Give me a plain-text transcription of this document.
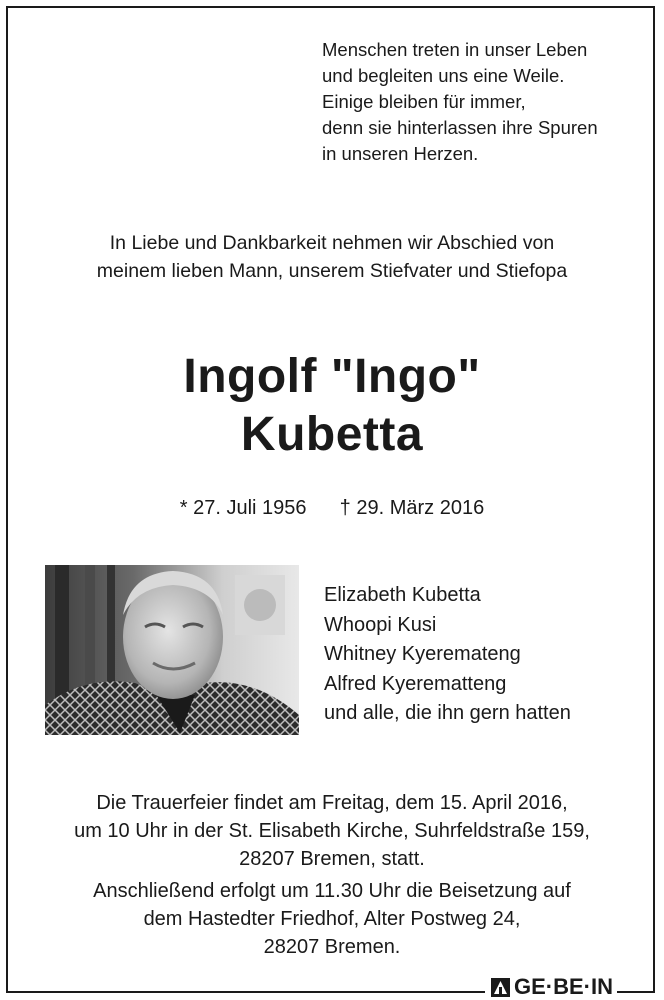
Menschen treten in unser Leben
und begleiten uns eine Weile.
Einige bleiben für immer,
denn sie hinterlassen ihre Spuren
in unseren Herzen.
In Liebe und Dankbarkeit nehmen wir Abschied von
meinem lieben Mann, unserem Stiefvater und Stiefopa
Ingolf "Ingo"
Kubetta
* 27. Juli 1956 † 29. März 2016
Elizabeth Kubetta
Whoopi Kusi
Whitney Kyeremateng
Alfred Kyerematteng
und alle, die ihn gern hatten
Die Trauerfeier findet am Freitag, dem 15. April 2016,
um 10 Uhr in der St. Elisabeth Kirche, Suhrfeldstraße 159,
28207 Bremen, statt.
Anschließend erfolgt um 11.30 Uhr die Beisetzung auf
dem Hastedter Friedhof, Alter Postweg 24,
28207 Bremen.
GE·BE·IN
